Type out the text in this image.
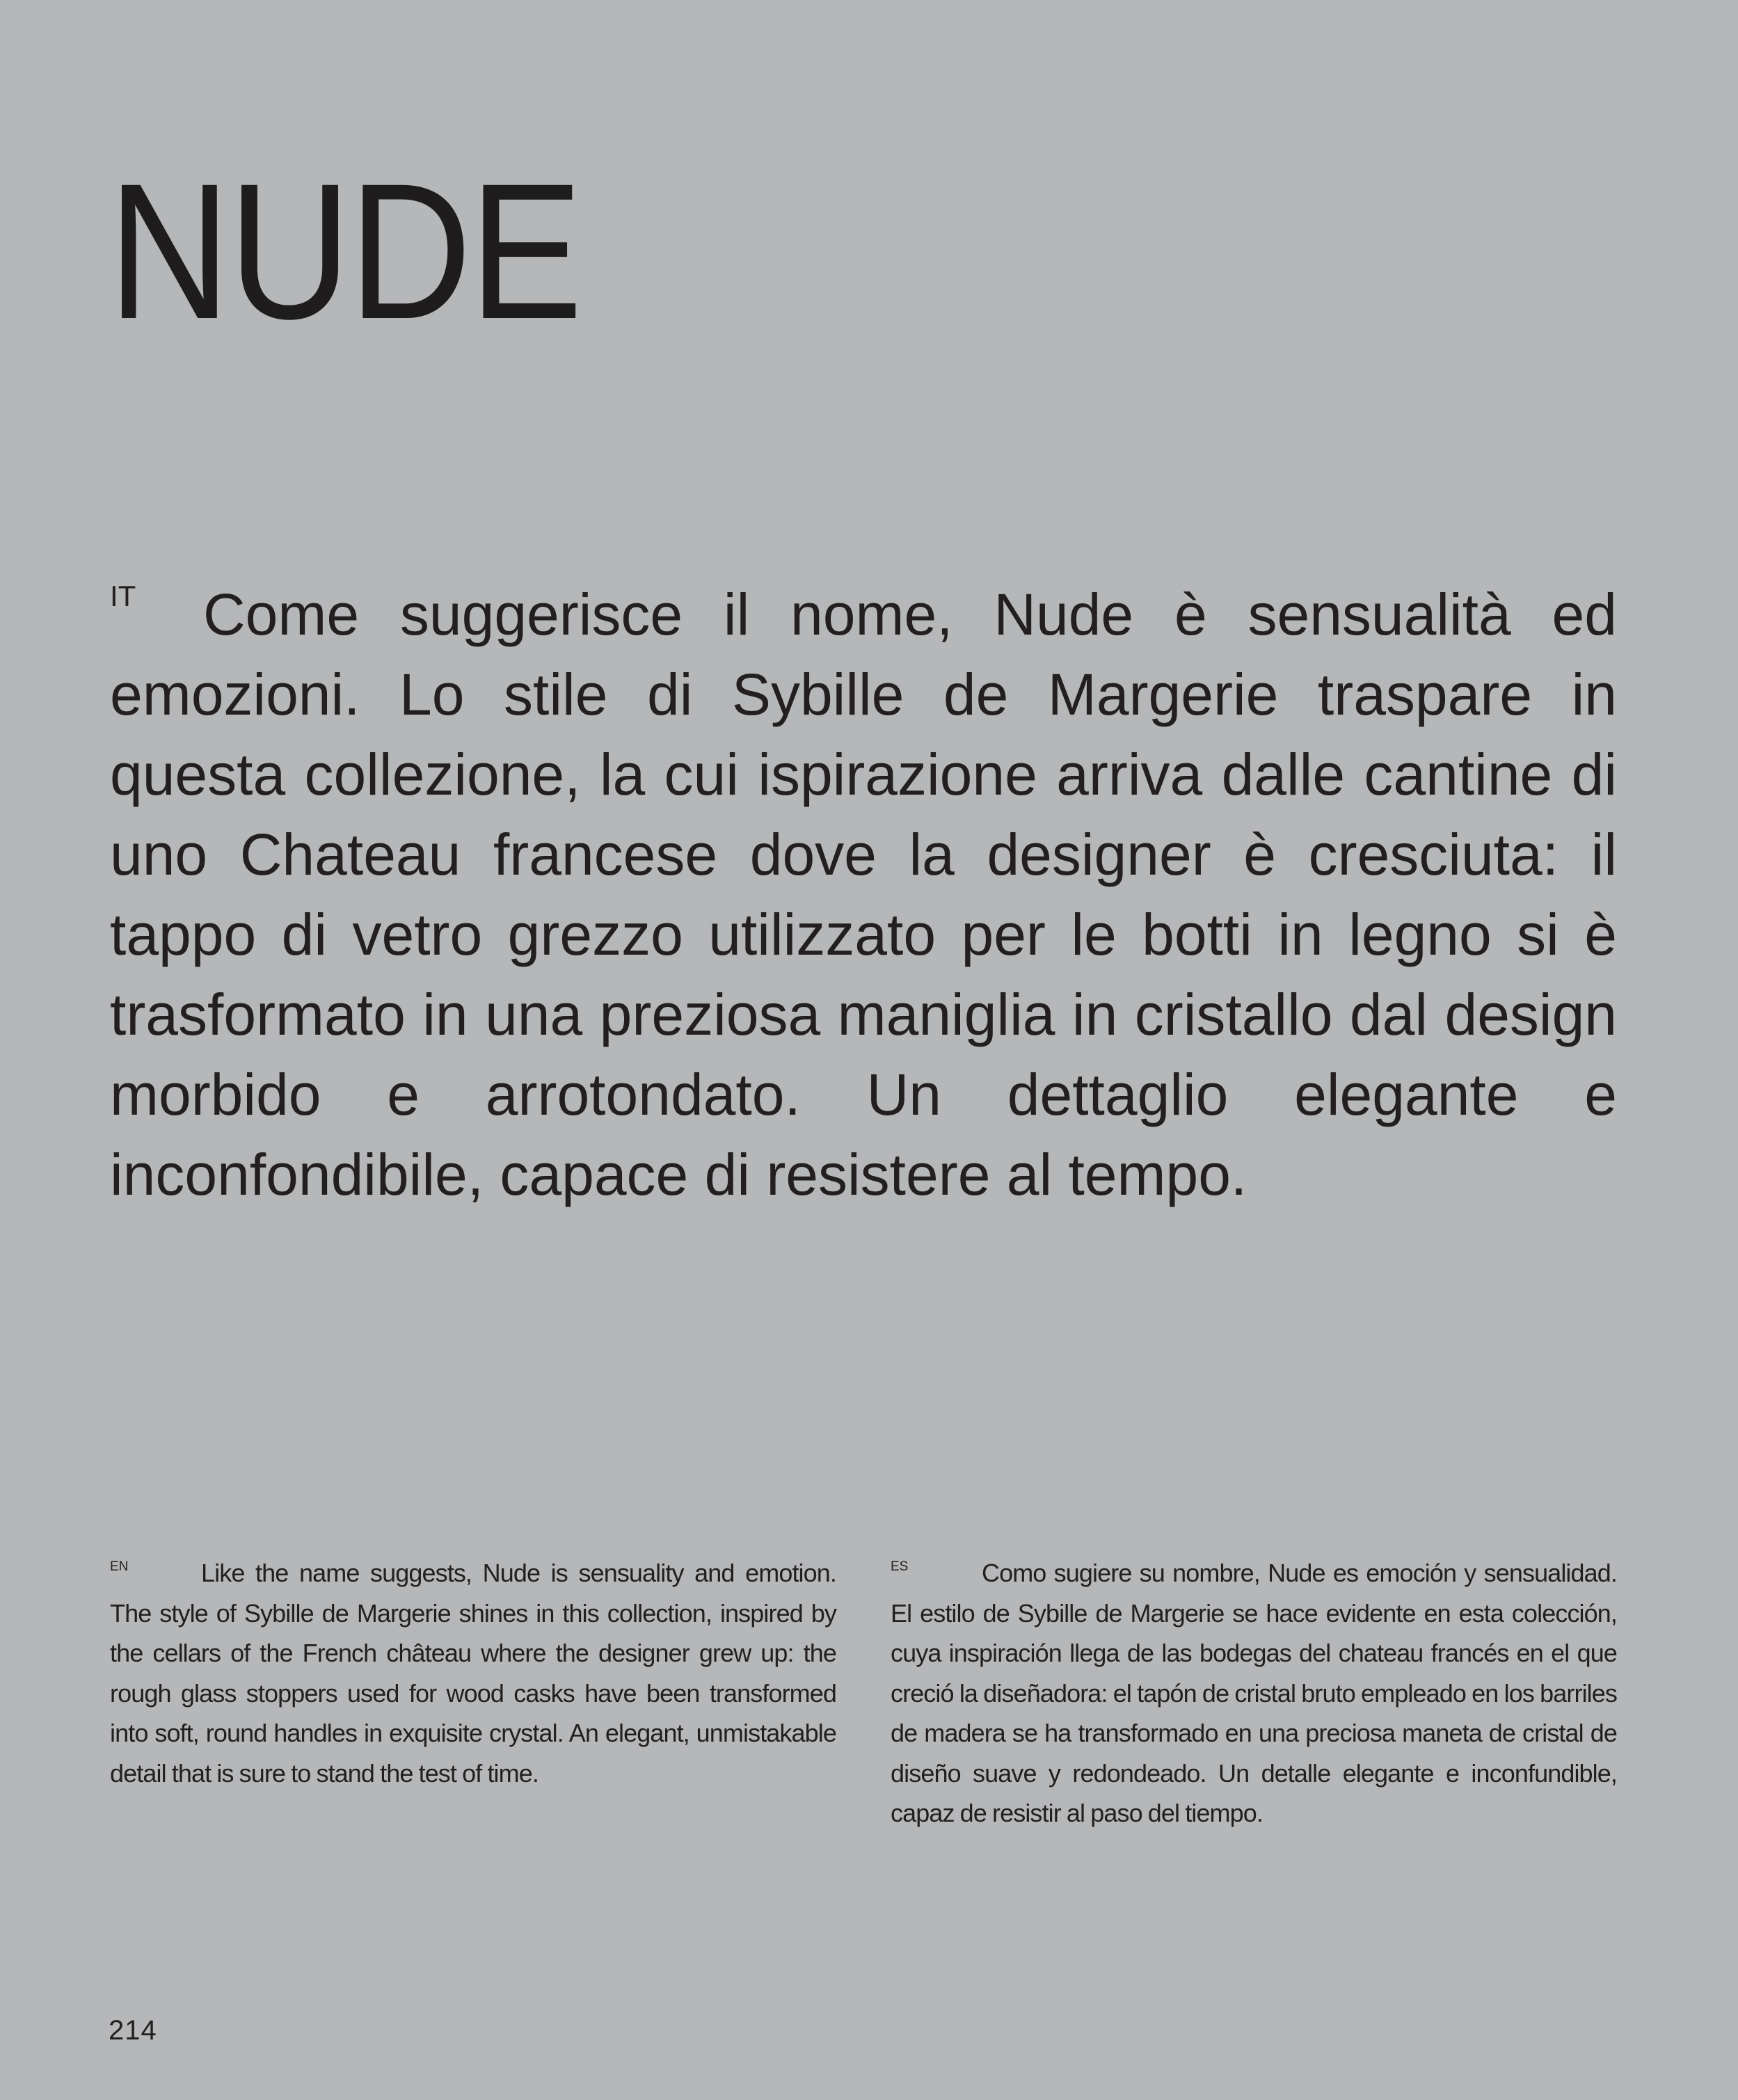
NUDE

IT Come suggerisce il nome, Nude è sensualità ed emozioni. Lo stile di Sybille de Margerie traspare in questa collezione, la cui ispirazione arriva dalle cantine di uno Chateau francese dove la designer è cresciuta: il tappo di vetro grezzo utilizzato per le botti in legno si è trasformato in una preziosa maniglia in cristallo dal design morbido e arrotondato. Un dettaglio elegante e inconfondibile, capace di resistere al tempo.

EN	Like the name suggests, Nude is sensuality and emotion. The style of Sybille de Margerie shines in this collection, inspired by the cellars of the French château where the designer grew up: the rough glass stoppers used for wood casks have been transformed into soft, round handles in exquisite crystal. An elegant, unmistakable detail that is sure to stand the test of time.

ES	Como sugiere su nombre, Nude es emoción y sensualidad. El estilo de Sybille de Margerie se hace evidente en esta colección, cuya inspiración llega de las bodegas del chateau francés en el que creció la diseñadora: el tapón de cristal bruto empleado en los barriles de madera se ha transformado en una preciosa maneta de cristal de diseño suave y redondeado. Un detalle elegante e inconfundible, capaz de resistir al paso del tiempo.

214
